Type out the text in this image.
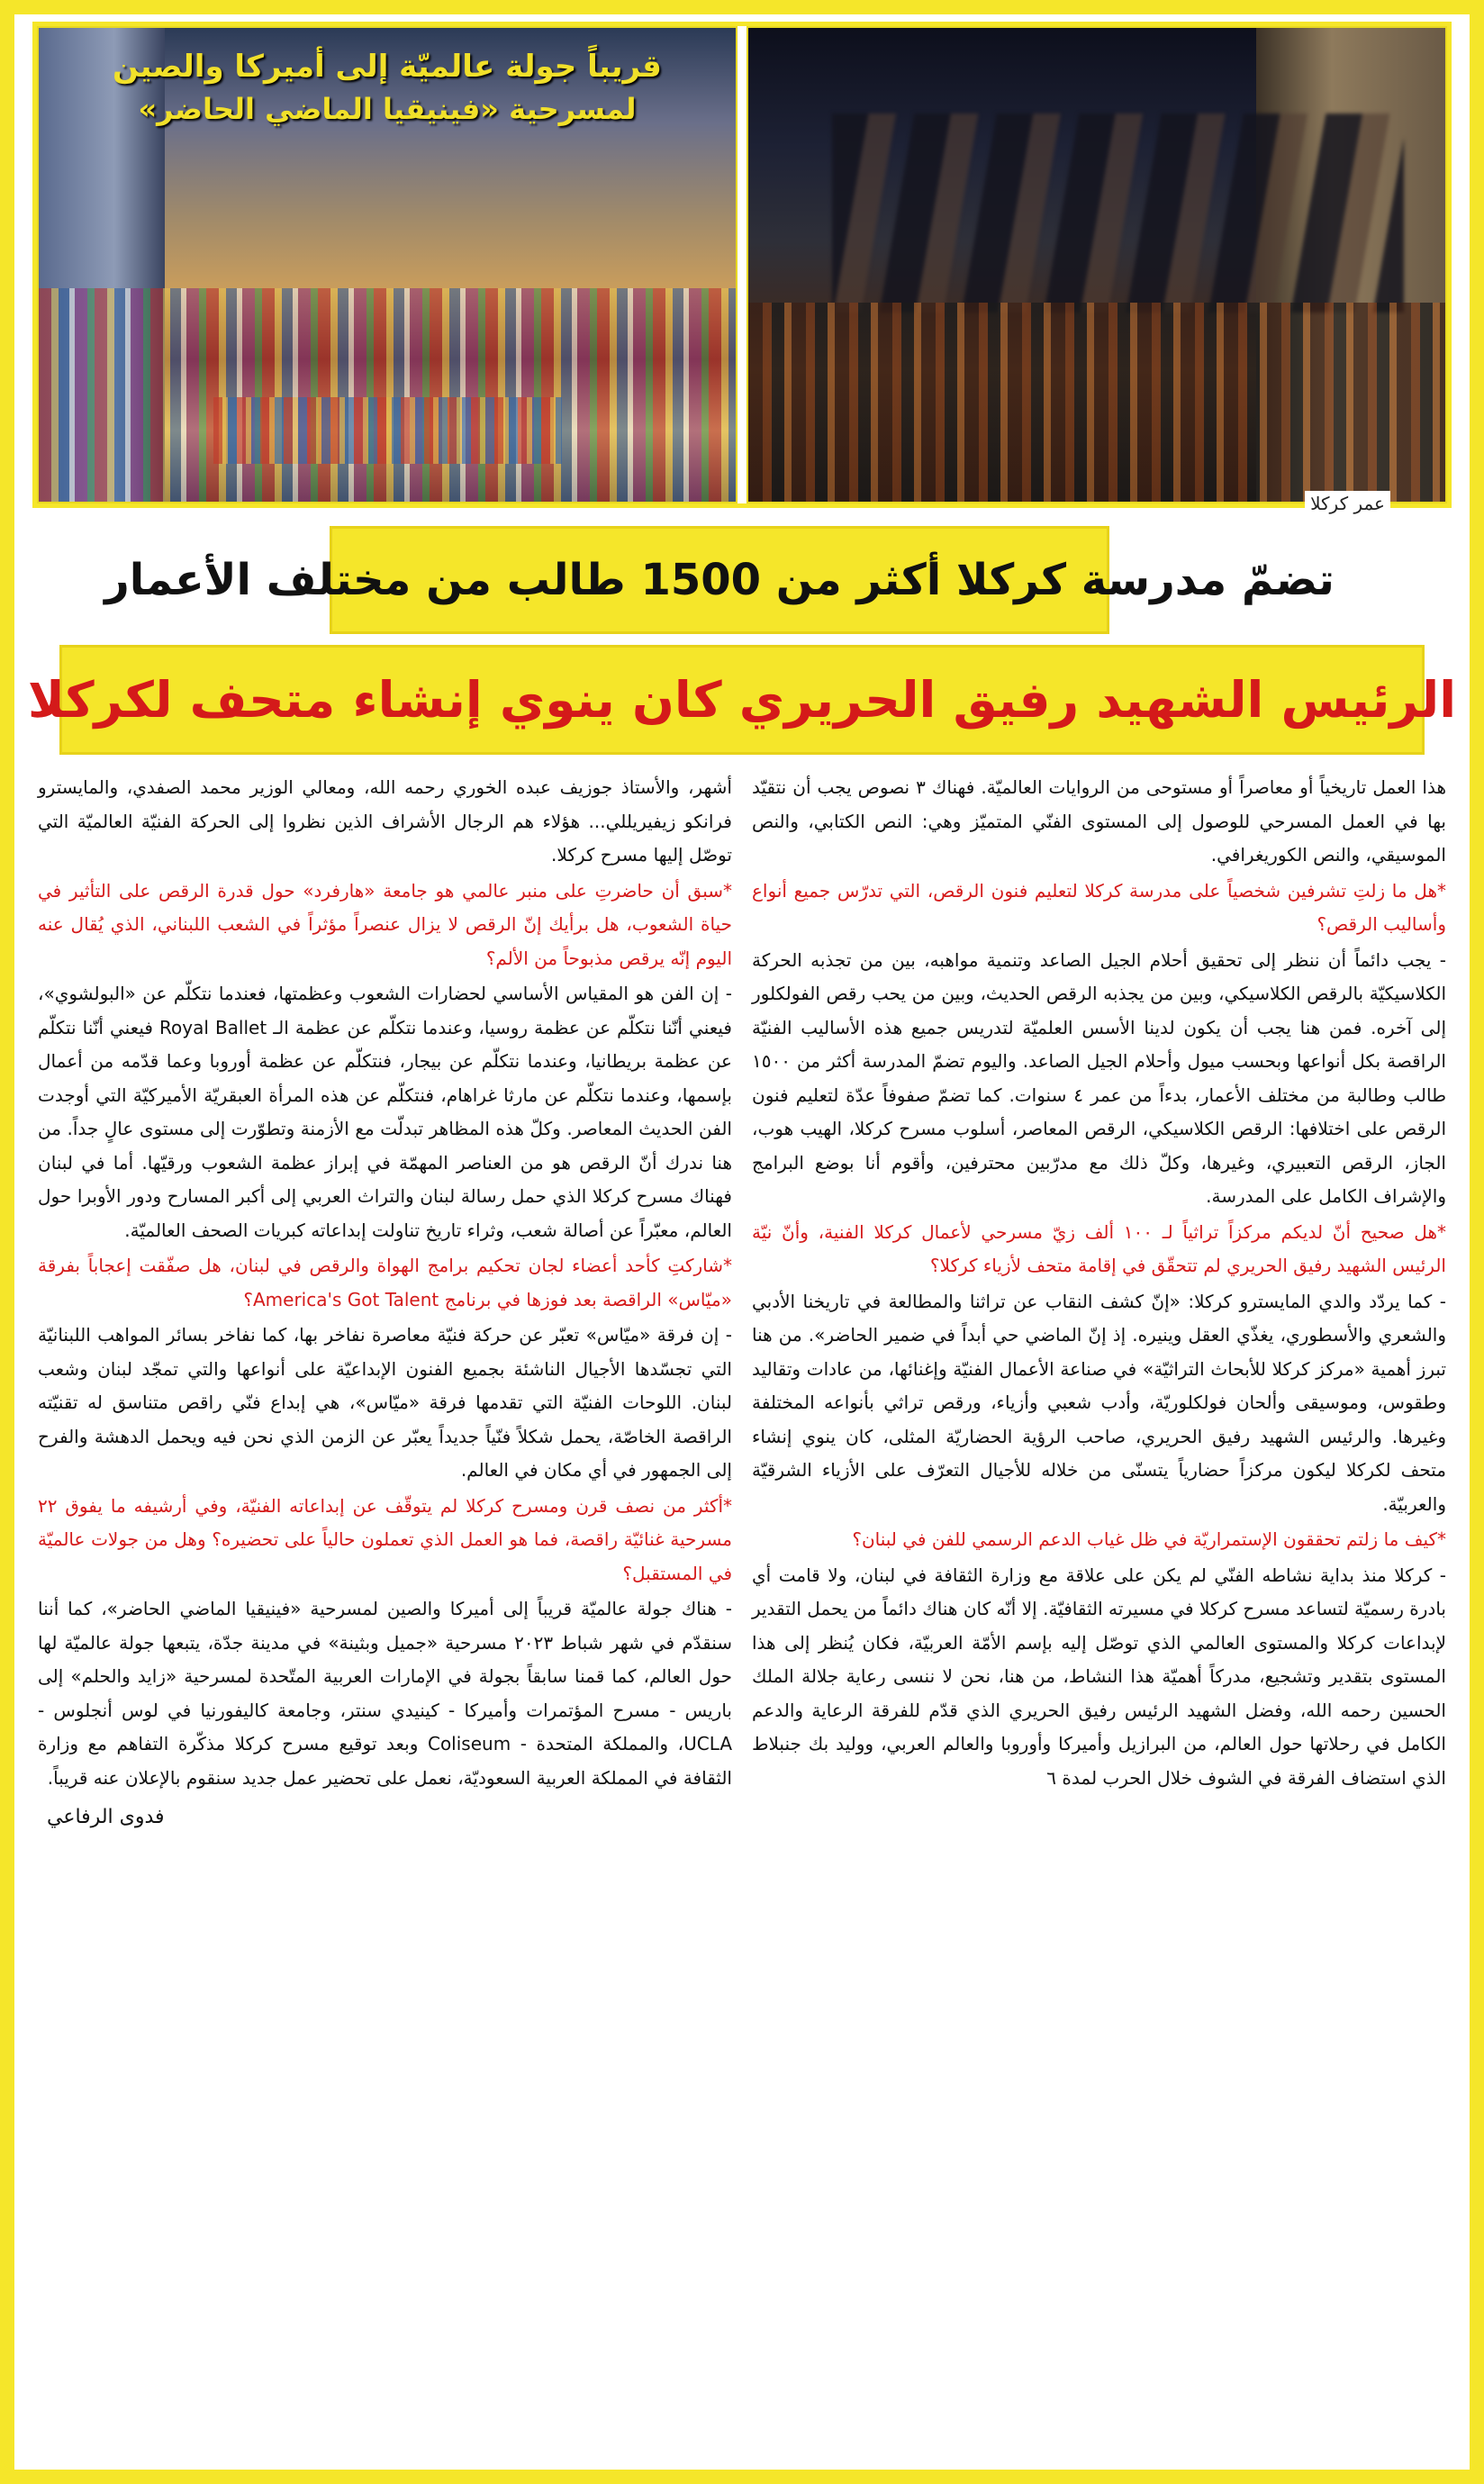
قريباً جولة عالميّة إلى أميركا والصين
لمسرحية «فينيقيا الماضي الحاضر»
عمر كركلا
تضمّ مدرسة كركلا أكثر من 1500 طالب من مختلف الأعمار
الرئيس الشهيد رفيق الحريري كان ينوي إنشاء متحف لكركلا
هذا العمل تاريخياً أو معاصراً أو مستوحى من الروايات العالميّة. فهناك ٣ نصوص يجب أن نتقيّد بها في العمل المسرحي للوصول إلى المستوى الفنّي المتميّز وهي: النص الكتابي، والنص الموسيقي، والنص الكوريغرافي.
*هل ما زلتِ تشرفين شخصياً على مدرسة كركلا لتعليم فنون الرقص، التي تدرّس جميع أنواع وأساليب الرقص؟
- يجب دائماً أن ننظر إلى تحقيق أحلام الجيل الصاعد وتنمية مواهبه، بين من تجذبه الحركة الكلاسيكيّة بالرقص الكلاسيكي، وبين من يجذبه الرقص الحديث، وبين من يحب رقص الفولكلور إلى آخره. فمن هنا يجب أن يكون لدينا الأسس العلميّة لتدريس جميع هذه الأساليب الفنيّة الراقصة بكل أنواعها وبحسب ميول وأحلام الجيل الصاعد. واليوم تضمّ المدرسة أكثر من ١٥٠٠ طالب وطالبة من مختلف الأعمار، بدءاً من عمر ٤ سنوات. كما تضمّ صفوفاً عدّة لتعليم فنون الرقص على اختلافها: الرقص الكلاسيكي، الرقص المعاصر، أسلوب مسرح كركلا، الهيب هوب، الجاز، الرقص التعبيري، وغيرها، وكلّ ذلك مع مدرّبين محترفين، وأقوم أنا بوضع البرامج والإشراف الكامل على المدرسة.
*هل صحيح أنّ لديكم مركزاً تراثياً لـ ١٠٠ ألف زيّ مسرحي لأعمال كركلا الفنية، وأنّ نيّة الرئيس الشهيد رفيق الحريري لم تتحقّق في إقامة متحف لأزياء كركلا؟
- كما يردّد والدي المايسترو كركلا: «إنّ كشف النقاب عن تراثنا والمطالعة في تاريخنا الأدبي والشعري والأسطوري، يغذّي العقل وينيره. إذ إنّ الماضي حي أبداً في ضمير الحاضر». من هنا تبرز أهمية «مركز كركلا للأبحاث التراثيّة» في صناعة الأعمال الفنيّة وإغنائها، من عادات وتقاليد وطقوس، وموسيقى وألحان فولكلوريّة، وأدب شعبي وأزياء، ورقص تراثي بأنواعه المختلفة وغيرها. والرئيس الشهيد رفيق الحريري، صاحب الرؤية الحضاريّة المثلى، كان ينوي إنشاء متحف لكركلا ليكون مركزاً حضارياً يتسنّى من خلاله للأجيال التعرّف على الأزياء الشرقيّة والعربيّة.
*كيف ما زلتم تحققون الإستمراريّة في ظل غياب الدعم الرسمي للفن في لبنان؟
- كركلا منذ بداية نشاطه الفنّي لم يكن على علاقة مع وزارة الثقافة في لبنان، ولا قامت أي بادرة رسميّة لتساعد مسرح كركلا في مسيرته الثقافيّة. إلا أنّه كان هناك دائماً من يحمل التقدير لإبداعات كركلا والمستوى العالمي الذي توصّل إليه بإسم الأمّة العربيّة، فكان يُنظر إلى هذا المستوى بتقدير وتشجيع، مدركاً أهميّة هذا النشاط، من هنا، نحن لا ننسى رعاية جلالة الملك الحسين رحمه الله، وفضل الشهيد الرئيس رفيق الحريري الذي قدّم للفرقة الرعاية والدعم الكامل في رحلاتها حول العالم، من البرازيل وأميركا وأوروبا والعالم العربي، ووليد بك جنبلاط الذي استضاف الفرقة في الشوف خلال الحرب لمدة ٦
أشهر، والأستاذ جوزيف عبده الخوري رحمه الله، ومعالي الوزير محمد الصفدي، والمايسترو فرانكو زيفيريللي... هؤلاء هم الرجال الأشراف الذين نظروا إلى الحركة الفنيّة العالميّة التي توصّل إليها مسرح كركلا.
*سبق أن حاضرتِ على منبر عالمي هو جامعة «هارفرد» حول قدرة الرقص على التأثير في حياة الشعوب، هل برأيك إنّ الرقص لا يزال عنصراً مؤثراً في الشعب اللبناني، الذي يُقال عنه اليوم إنّه يرقص مذبوحاً من الألم؟
- إن الفن هو المقياس الأساسي لحضارات الشعوب وعظمتها، فعندما نتكلّم عن «البولشوي»، فيعني أنّنا نتكلّم عن عظمة روسيا، وعندما نتكلّم عن عظمة الـ Royal Ballet فيعني أنّنا نتكلّم عن عظمة بريطانيا، وعندما نتكلّم عن بيجار، فنتكلّم عن عظمة أوروبا وعما قدّمه من أعمال بإسمها، وعندما نتكلّم عن مارثا غراهام، فنتكلّم عن هذه المرأة العبقريّة الأميركيّة التي أوجدت الفن الحديث المعاصر. وكلّ هذه المظاهر تبدلّت مع الأزمنة وتطوّرت إلى مستوى عالٍ جداً. من هنا ندرك أنّ الرقص هو من العناصر المهمّة في إبراز عظمة الشعوب ورقيّها. أما في لبنان فهناك مسرح كركلا الذي حمل رسالة لبنان والتراث العربي إلى أكبر المسارح ودور الأوبرا حول العالم، معبّراً عن أصالة شعب، وثراء تاريخ تناولت إبداعاته كبريات الصحف العالميّة.
*شاركتِ كأحد أعضاء لجان تحكيم برامج الهواة والرقص في لبنان، هل صفّقت إعجاباً بفرقة «ميّاس» الراقصة بعد فوزها في برنامج America's Got Talent؟
- إن فرقة «ميّاس» تعبّر عن حركة فنيّة معاصرة نفاخر بها، كما نفاخر بسائر المواهب اللبنانيّة التي تجسّدها الأجيال الناشئة بجميع الفنون الإبداعيّة على أنواعها والتي تمجّد لبنان وشعب لبنان. اللوحات الفنيّة التي تقدمها فرقة «ميّاس»، هي إبداع فنّي راقص متناسق له تقنيّته الراقصة الخاصّة، يحمل شكلاً فنّياً جديداً يعبّر عن الزمن الذي نحن فيه ويحمل الدهشة والفرح إلى الجمهور في أي مكان في العالم.
*أكثر من نصف قرن ومسرح كركلا لم يتوقّف عن إبداعاته الفنيّة، وفي أرشيفه ما يفوق ٢٢ مسرحية غنائيّة راقصة، فما هو العمل الذي تعملون حالياً على تحضيره؟ وهل من جولات عالميّة في المستقبل؟
- هناك جولة عالميّة قريباً إلى أميركا والصين لمسرحية «فينيقيا الماضي الحاضر»، كما أننا سنقدّم في شهر شباط ٢٠٢٣ مسرحية «جميل وبثينة» في مدينة جدّة، يتبعها جولة عالميّة لها حول العالم، كما قمنا سابقاً بجولة في الإمارات العربية المتّحدة لمسرحية «زايد والحلم» إلى باريس - مسرح المؤتمرات وأميركا - كينيدي سنتر، وجامعة كاليفورنيا في لوس أنجلوس - UCLA، والمملكة المتحدة - Coliseum وبعد توقيع مسرح كركلا مذكّرة التفاهم مع وزارة الثقافة في المملكة العربية السعوديّة، نعمل على تحضير عمل جديد سنقوم بالإعلان عنه قريباً.
فدوى الرفاعي
